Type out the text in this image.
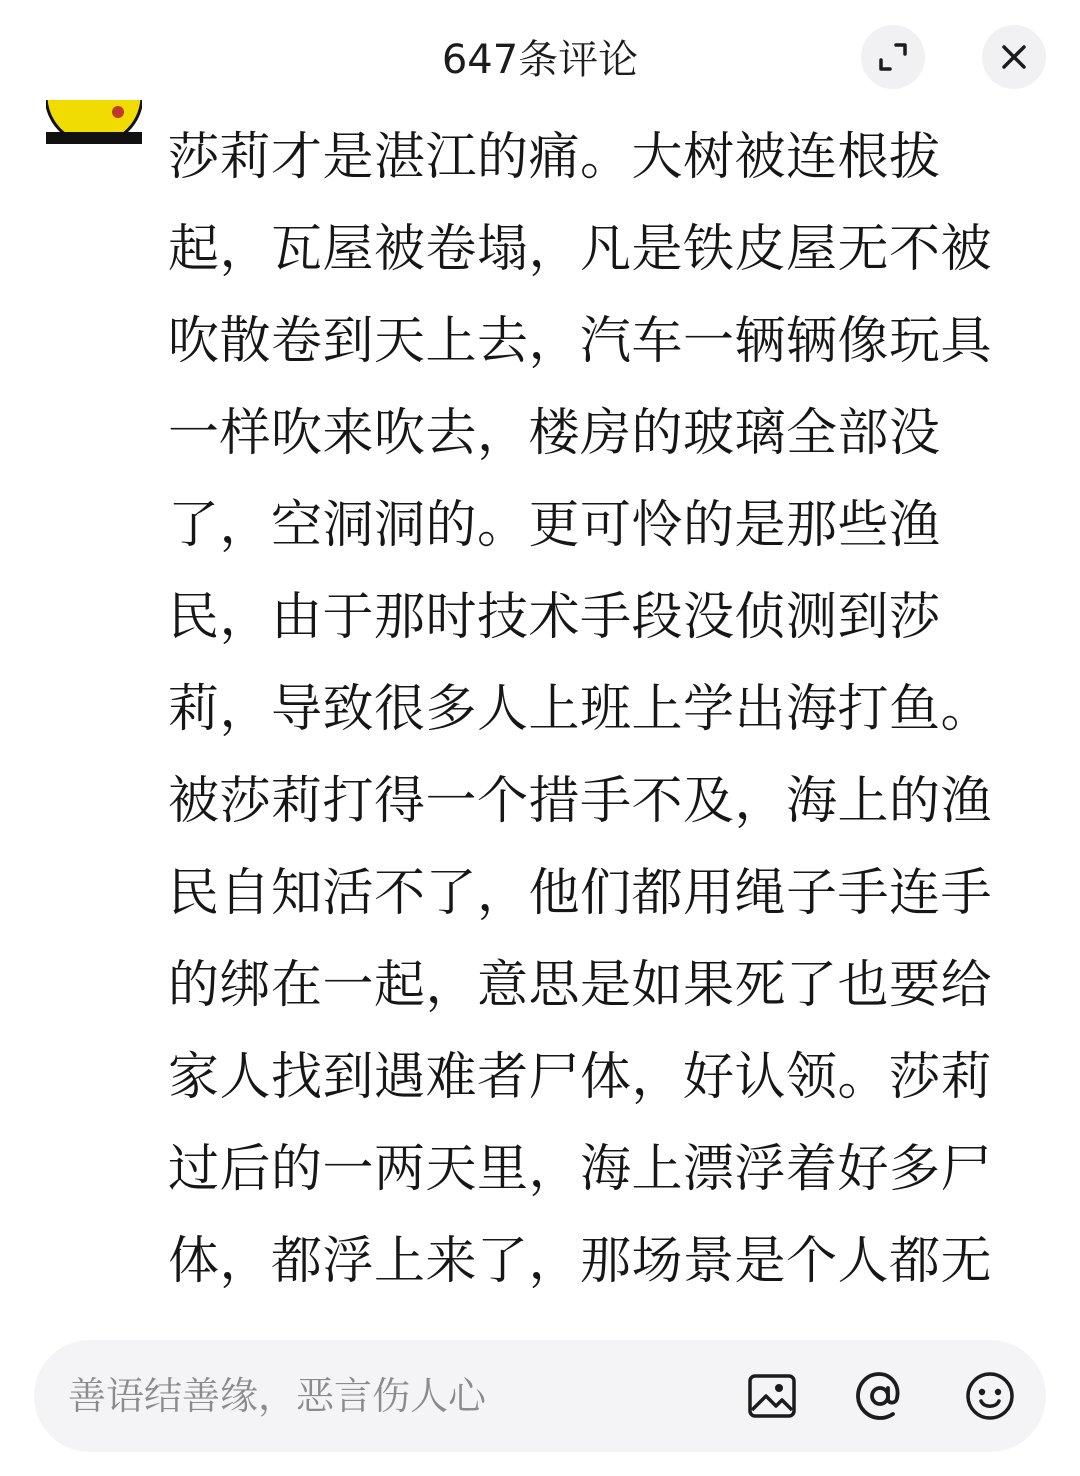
647条评论
莎莉才是湛江的痛。大树被连根拔
起，瓦屋被卷塌，凡是铁皮屋无不被
吹散卷到天上去，汽车一辆辆像玩具
一样吹来吹去，楼房的玻璃全部没
了，空洞洞的。更可怜的是那些渔
民，由于那时技术手段没侦测到莎
莉，导致很多人上班上学出海打鱼。
被莎莉打得一个措手不及，海上的渔
民自知活不了，他们都用绳子手连手
的绑在一起，意思是如果死了也要给
家人找到遇难者尸体，好认领。莎莉
过后的一两天里，海上漂浮着好多尸
体，都浮上来了，那场景是个人都无
善语结善缘，恶言伤人心
